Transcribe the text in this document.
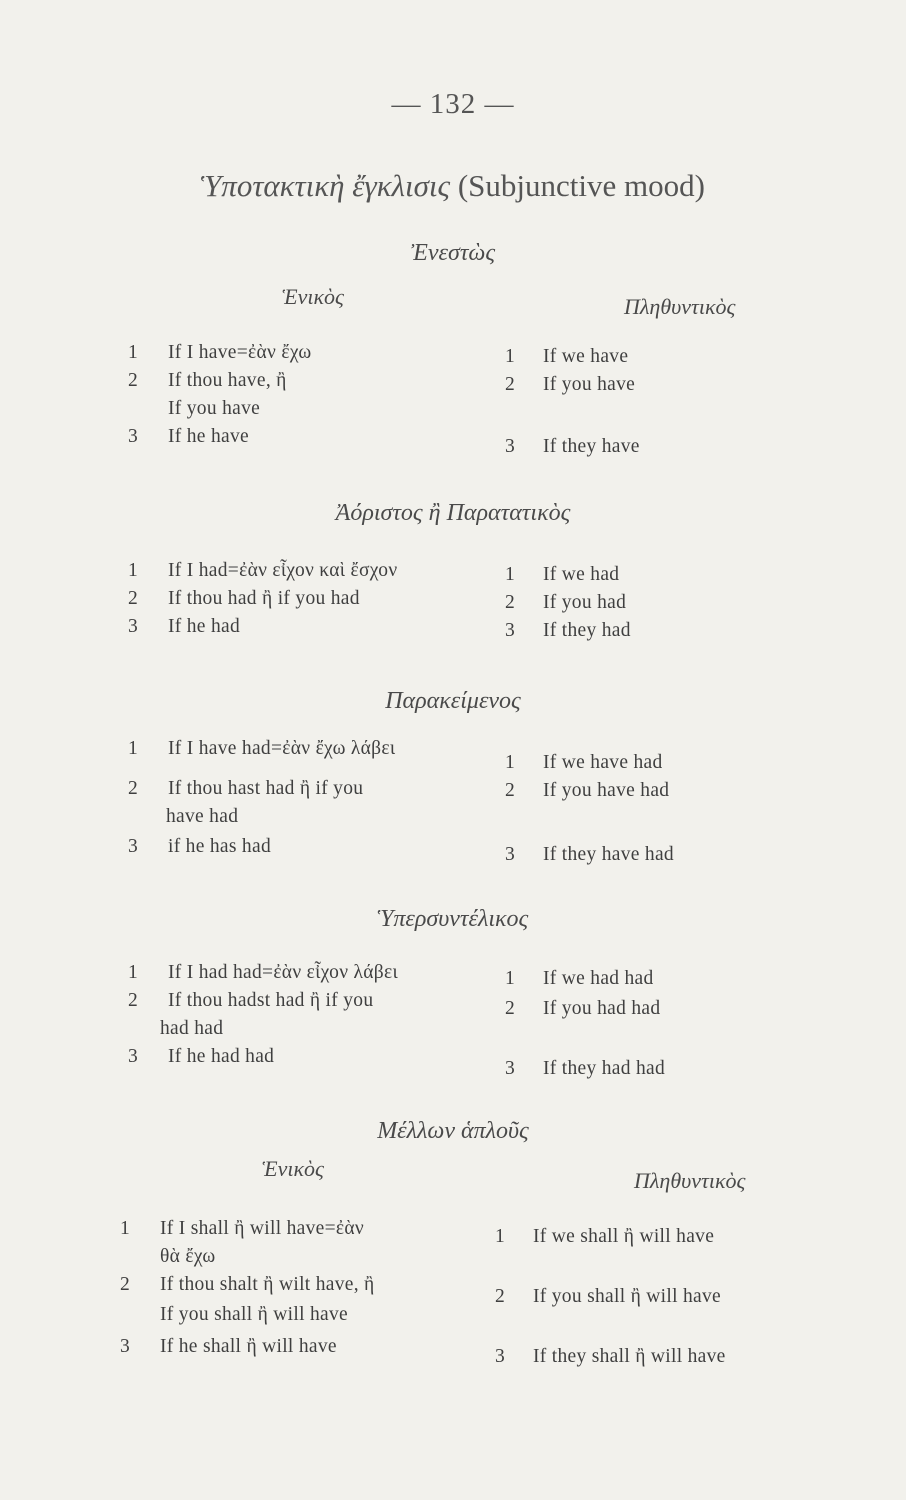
— 132 —
Ὑποτακτικὴ ἔγκλισις (Subjunctive mood)
Ἐνεστὼς
Ἑνικὸς	Πληθυντικὸς
1 If I have=ἐὰν ἔχω
2 If thou have, ἢ
If you have
3 If he have
1 If we have
2 If you have
3 If they have
Ἀόριστος ἢ Παρατατικὸς
1 If I had=ἐὰν εἶχον καὶ ἔσχον
2 If thou had ἢ if you had
3 If he had
1 If we had
2 If you had
3 If they had
Παρακείμενος
1 If I have had=ἐὰν ἔχω λάβει
2 If thou hast had ἢ if you
have had
3 if he has had
1 If we have had
2 If you have had
3 If they have had
Ὑπερσυντέλικος
1 If I had had=ἐὰν εἶχον λάβει
2 If thou hadst had ἢ if you
had had
3 If he had had
1 If we had had
2 If you had had
3 If they had had
Μέλλων ἁπλοῦς
Ἑνικὸς	Πληθυντικὸς
1 If I shall ἢ will have=ἐὰν
θὰ ἔχω
2 If thou shalt ἢ wilt have, ἢ
If you shall ἢ will have
3 If he shall ἢ will have
1 If we shall ἢ will have
2 If you shall ἢ will have
3 If they shall ἢ will have
